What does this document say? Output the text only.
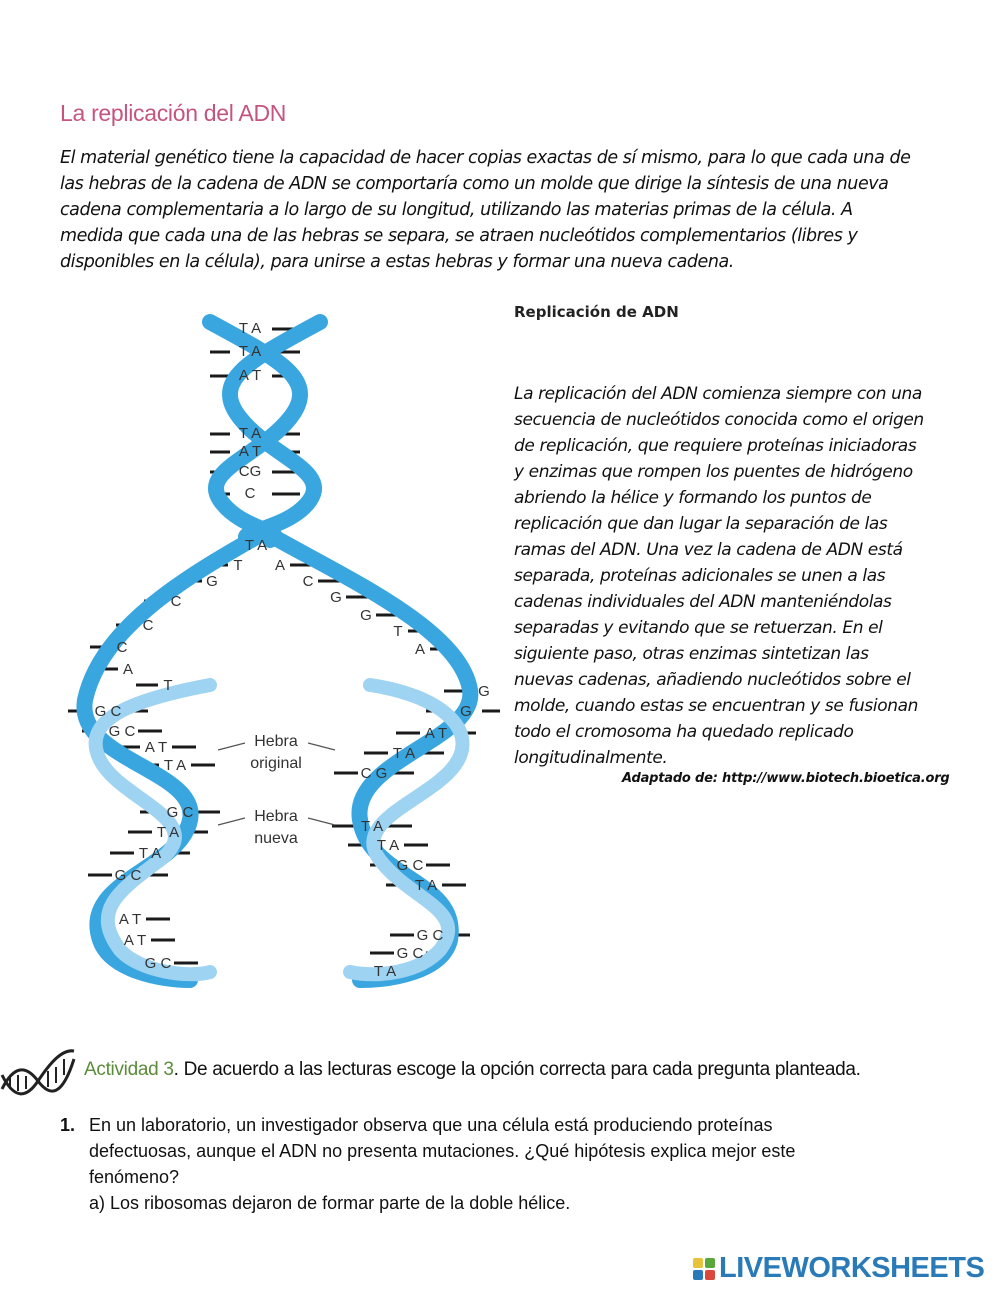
La replicación del ADN
El material genético tiene la capacidad de hacer copias exactas de sí mismo, para lo que cada una de
las hebras de la cadena de ADN se comportaría como un molde que dirige la síntesis de una nueva
cadena complementaria a lo largo de su longitud, utilizando las materias primas de la célula. A
medida que cada una de las hebras se separa, se atraen nucleótidos complementarios (libres y
disponibles en la célula), para unirse a estas hebras y formar una nueva cadena.
T A
T A
A T
T A
A T
CG
C
T A
T
G
C
C
C
A
T
A
C
G
G
T
A
G C
G C
A T
T A
G C
T A
T A
G C
A T
A T
G C
G
G
A T
T A
C G
T A
T A
G C
T A
G C
G C
T A
Hebra
original
Hebra
nueva
Replicación de ADN
La replicación del ADN comienza siempre con una
secuencia de nucleótidos conocida como el origen
de replicación, que requiere proteínas iniciadoras
y enzimas que rompen los puentes de hidrógeno
abriendo la hélice y formando los puntos de
replicación que dan lugar la separación de las
ramas del ADN. Una vez la cadena de ADN está
separada, proteínas adicionales se unen a las
cadenas individuales del ADN manteniéndolas
separadas y evitando que se retuerzan. En el
siguiente paso, otras enzimas sintetizan las
nuevas cadenas, añadiendo nucleótidos sobre el
molde, cuando estas se encuentran y se fusionan
todo el cromosoma ha quedado replicado
longitudinalmente.
Adaptado de: http://www.biotech.bioetica.org
Actividad 3. De acuerdo a las lecturas escoge la opción correcta para cada pregunta planteada.
1. En un laboratorio, un investigador observa que una célula está produciendo proteínas
defectuosas, aunque el ADN no presenta mutaciones. ¿Qué hipótesis explica mejor este
fenómeno?
a) Los ribosomas dejaron de formar parte de la doble hélice.
LIVEWORKSHEETS
